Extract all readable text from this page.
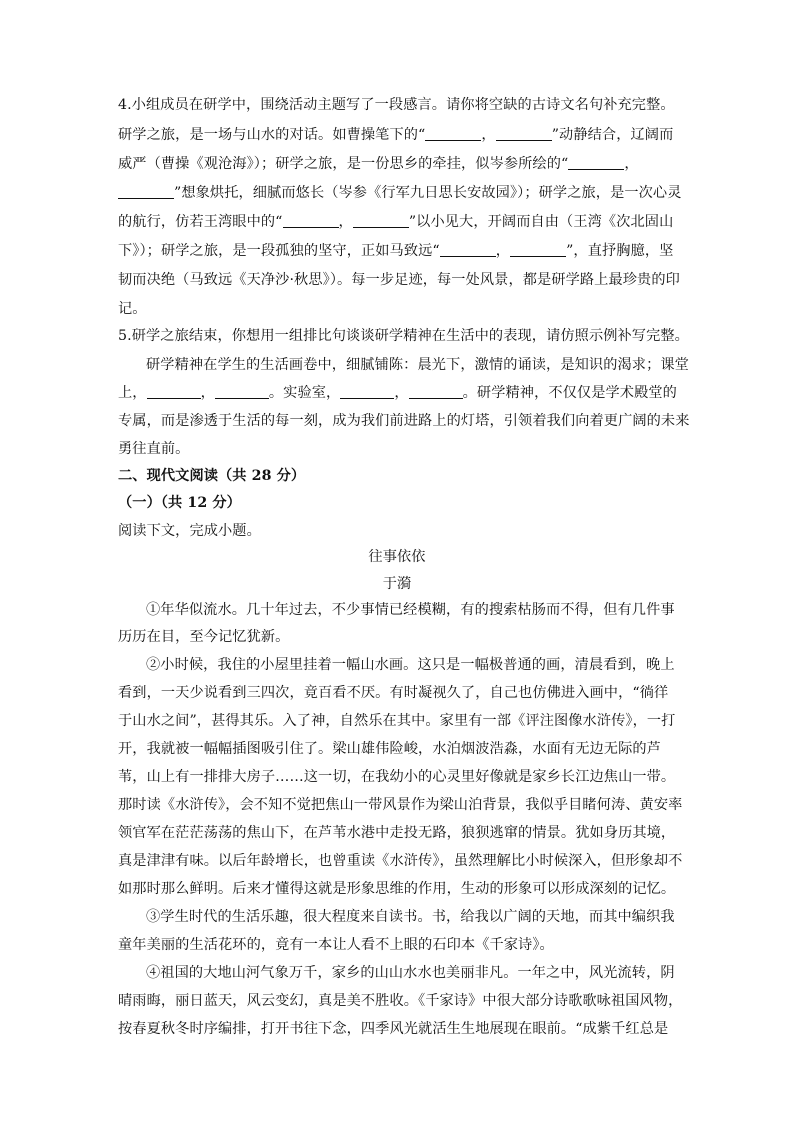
4.小组成员在研学中，围绕活动主题写了一段感言。请你将空缺的古诗文名句补充完整。
研学之旅，是一场与山水的对话。如曹操笔下的“	，	”动静结合，辽阔而
威严（曹操《观沧海》）；研学之旅，是一份思乡的牵挂，似岑参所绘的“	，
”想象烘托，细腻而悠长（岑参《行军九日思长安故园》）；研学之旅，是一次心灵
的航行，仿若王湾眼中的“	，	”以小见大，开阔而自由（王湾《次北固山
下》）；研学之旅，是一段孤独的坚守，正如马致远“	，	”，直抒胸臆，坚
韧而决绝（马致远《天净沙·秋思》）。每一步足迹，每一处风景，都是研学路上最珍贵的印
记。
5.研学之旅结束，你想用一组排比句谈谈研学精神在生活中的表现，请仿照示例补写完整。
研学精神在学生的生活画卷中，细腻铺陈：晨光下，激情的诵读，是知识的渴求；课堂
上，	，	。实验室，	，	。研学精神，不仅仅是学术殿堂的
专属，而是渗透于生活的每一刻，成为我们前进路上的灯塔，引领着我们向着更广阔的未来
勇往直前。
二、现代文阅读（共 28 分）
（一）（共 12 分）
阅读下文，完成小题。
往事依依
于漪
①年华似流水。几十年过去，不少事情已经模糊，有的搜索枯肠而不得，但有几件事
历历在目，至今记忆犹新。
②小时候，我住的小屋里挂着一幅山水画。这只是一幅极普通的画，清晨看到，晚上
看到，一天少说看到三四次，竟百看不厌。有时凝视久了，自己也仿佛进入画中，“徜徉
于山水之间”，甚得其乐。入了神，自然乐在其中。家里有一部《评注图像水浒传》，一打
开，我就被一幅幅插图吸引住了。梁山雄伟险峻，水泊烟波浩淼，水面有无边无际的芦
苇，山上有一排排大房子……这一切，在我幼小的心灵里好像就是家乡长江边焦山一带。
那时读《水浒传》，会不知不觉把焦山一带风景作为梁山泊背景，我似乎目睹何涛、黄安率
领官军在茫茫荡荡的焦山下，在芦苇水港中走投无路，狼狈逃窜的情景。犹如身历其境，
真是津津有味。以后年龄增长，也曾重读《水浒传》，虽然理解比小时候深入，但形象却不
如那时那么鲜明。后来才懂得这就是形象思维的作用，生动的形象可以形成深刻的记忆。
③学生时代的生活乐趣，很大程度来自读书。书，给我以广阔的天地，而其中编织我
童年美丽的生活花环的，竟有一本让人看不上眼的石印本《千家诗》。
④祖国的大地山河气象万千，家乡的山山水水也美丽非凡。一年之中，风光流转，阴
晴雨晦，丽日蓝天，风云变幻，真是美不胜收。《千家诗》中很大部分诗歌歌咏祖国风物，
按春夏秋冬时序编排，打开书往下念，四季风光就活生生地展现在眼前。“成紫千红总是
